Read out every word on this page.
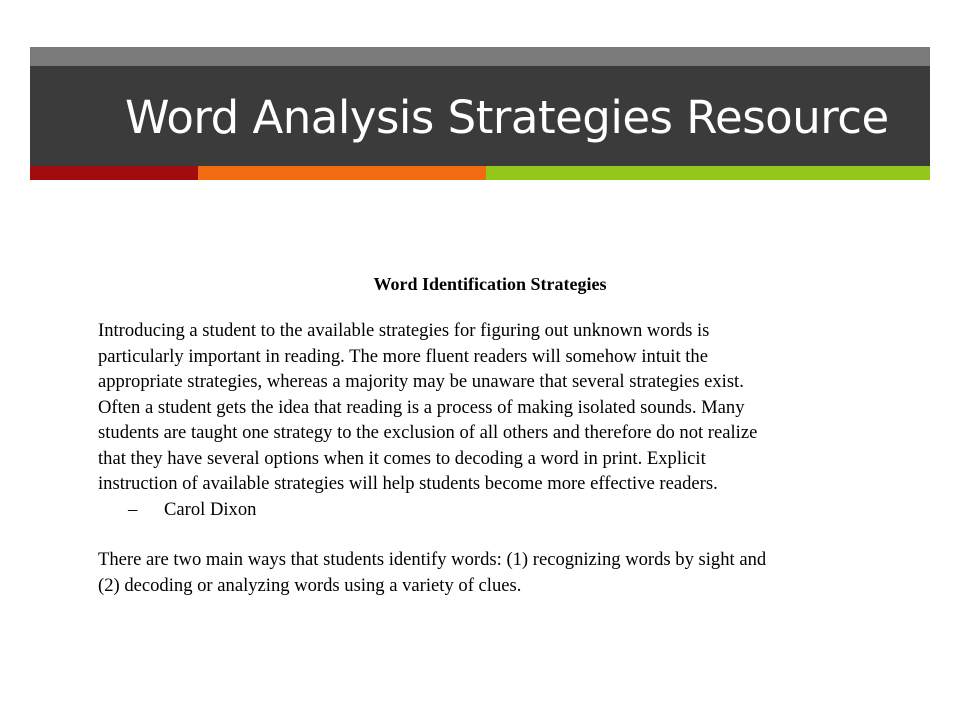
Word Analysis Strategies Resource
Word Identification Strategies
Introducing a student to the available strategies for figuring out unknown words is
particularly important in reading. The more fluent readers will somehow intuit the
appropriate strategies, whereas a majority may be unaware that several strategies exist.
Often a student gets the idea that reading is a process of making isolated sounds. Many
students are taught one strategy to the exclusion of all others and therefore do not realize
that they have several options when it comes to decoding a word in print. Explicit
instruction of available strategies will help students become more effective readers.
– Carol Dixon
There are two main ways that students identify words: (1) recognizing words by sight and
(2) decoding or analyzing words using a variety of clues.
